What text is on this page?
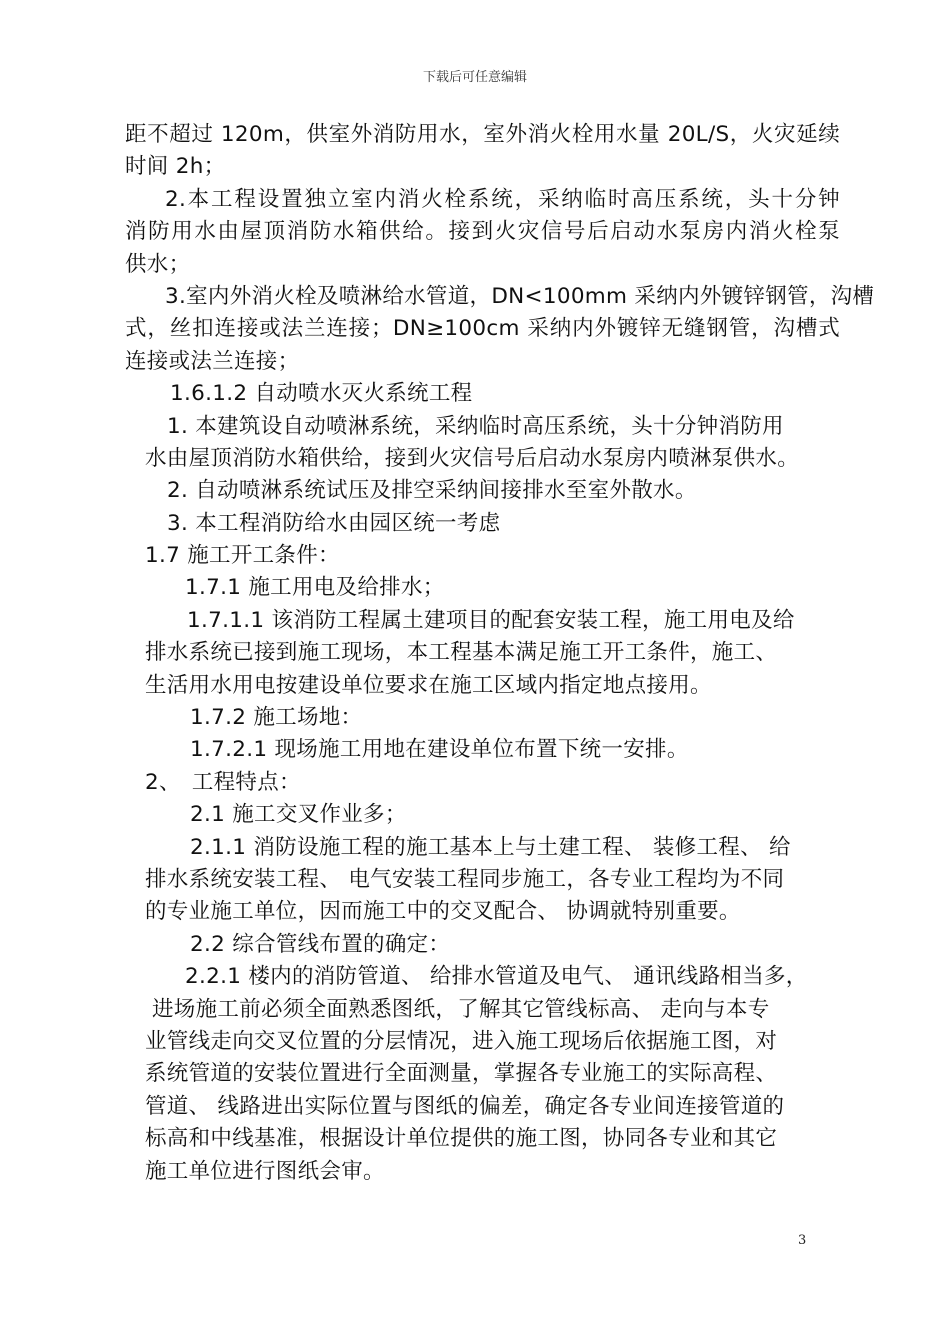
下载后可任意编辑
距不超过 120m，供室外消防用水，室外消火栓用水量 20L/S，火灾延续
时间 2h；
2.本工程设置独立室内消火栓系统，采纳临时高压系统，头十分钟
消防用水由屋顶消防水箱供给。接到火灾信号后启动水泵房内消火栓泵
供水；
3.室内外消火栓及喷淋给水管道，DN<100mm 采纳内外镀锌钢管，沟槽
式，丝扣连接或法兰连接；DN≥100cm 采纳内外镀锌无缝钢管，沟槽式
连接或法兰连接；
1.6.1.2 自动喷水灭火系统工程
1. 本建筑设自动喷淋系统，采纳临时高压系统，头十分钟消防用
水由屋顶消防水箱供给，接到火灾信号后启动水泵房内喷淋泵供水。
2. 自动喷淋系统试压及排空采纳间接排水至室外散水。
3. 本工程消防给水由园区统一考虑
1.7 施工开工条件：
1.7.1 施工用电及给排水；
1.7.1.1 该消防工程属土建项目的配套安装工程，施工用电及给
排水系统已接到施工现场，本工程基本满足施工开工条件，施工、
生活用水用电按建设单位要求在施工区域内指定地点接用。
1.7.2 施工场地：
1.7.2.1 现场施工用地在建设单位布置下统一安排。
2、　工程特点：
2.1 施工交叉作业多；
2.1.1 消防设施工程的施工基本上与土建工程、 装修工程、 给
排水系统安装工程、 电气安装工程同步施工，各专业工程均为不同
的专业施工单位，因而施工中的交叉配合、 协调就特别重要。
2.2 综合管线布置的确定：
2.2.1 楼内的消防管道、 给排水管道及电气、 通讯线路相当多，
进场施工前必须全面熟悉图纸，了解其它管线标高、 走向与本专
业管线走向交叉位置的分层情况，进入施工现场后依据施工图，对
系统管道的安装位置进行全面测量，掌握各专业施工的实际高程、
管道、 线路进出实际位置与图纸的偏差，确定各专业间连接管道的
标高和中线基准，根据设计单位提供的施工图，协同各专业和其它
施工单位进行图纸会审。
3
